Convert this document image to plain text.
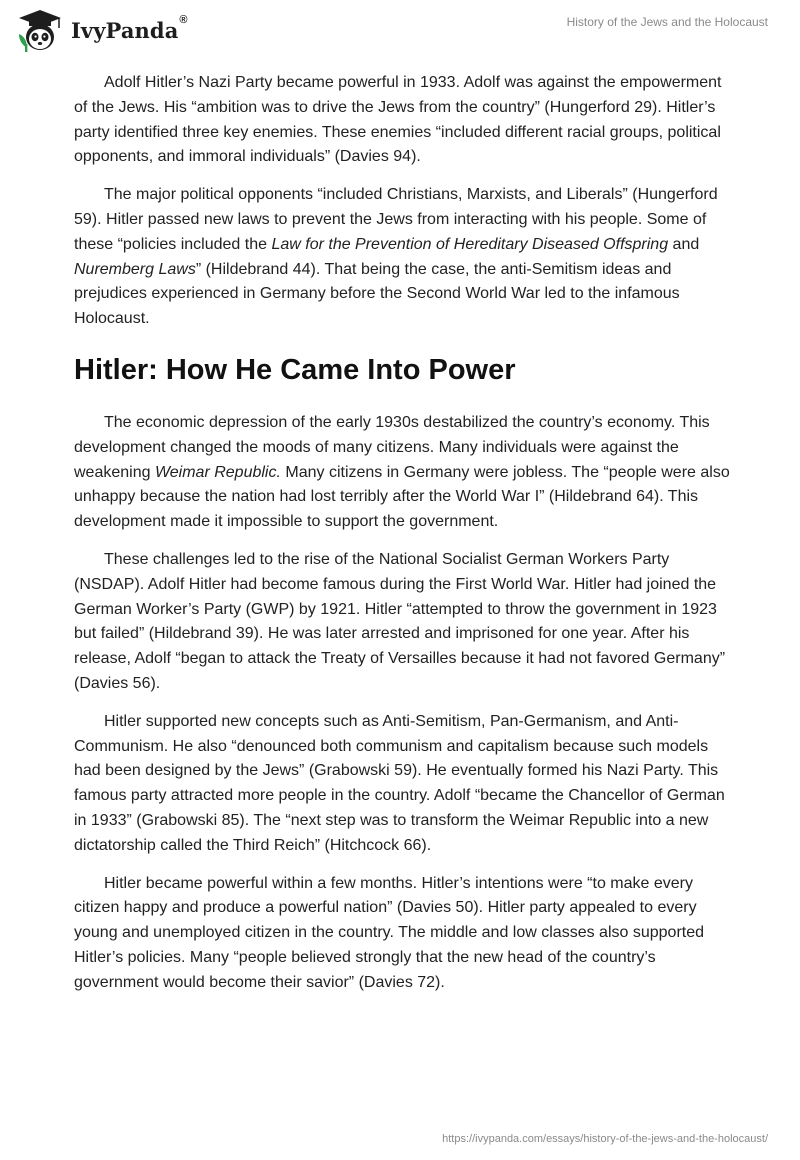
IvyPanda®	History of the Jews and the Holocaust

Adolf Hitler’s Nazi Party became powerful in 1933. Adolf was against the empowerment of the Jews. His “ambition was to drive the Jews from the country” (Hungerford 29). Hitler’s party identified three key enemies. These enemies “included different racial groups, political opponents, and immoral individuals” (Davies 94).

The major political opponents “included Christians, Marxists, and Liberals” (Hungerford 59). Hitler passed new laws to prevent the Jews from interacting with his people. Some of these “policies included the Law for the Prevention of Hereditary Diseased Offspring and Nuremberg Laws” (Hildebrand 44). That being the case, the anti-Semitism ideas and prejudices experienced in Germany before the Second World War led to the infamous Holocaust.

Hitler: How He Came Into Power

The economic depression of the early 1930s destabilized the country’s economy. This development changed the moods of many citizens. Many individuals were against the weakening Weimar Republic. Many citizens in Germany were jobless. The “people were also unhappy because the nation had lost terribly after the World War I” (Hildebrand 64). This development made it impossible to support the government.

These challenges led to the rise of the National Socialist German Workers Party (NSDAP). Adolf Hitler had become famous during the First World War. Hitler had joined the German Worker’s Party (GWP) by 1921. Hitler “attempted to throw the government in 1923 but failed” (Hildebrand 39). He was later arrested and imprisoned for one year. After his release, Adolf “began to attack the Treaty of Versailles because it had not favored Germany” (Davies 56).

Hitler supported new concepts such as Anti-Semitism, Pan-Germanism, and Anti-Communism. He also “denounced both communism and capitalism because such models had been designed by the Jews” (Grabowski 59). He eventually formed his Nazi Party. This famous party attracted more people in the country. Adolf “became the Chancellor of German in 1933” (Grabowski 85). The “next step was to transform the Weimar Republic into a new dictatorship called the Third Reich” (Hitchcock 66).

Hitler became powerful within a few months. Hitler’s intentions were “to make every citizen happy and produce a powerful nation” (Davies 50). Hitler party appealed to every young and unemployed citizen in the country. The middle and low classes also supported Hitler’s policies. Many “people believed strongly that the new head of the country’s government would become their savior” (Davies 72).

https://ivypanda.com/essays/history-of-the-jews-and-the-holocaust/
